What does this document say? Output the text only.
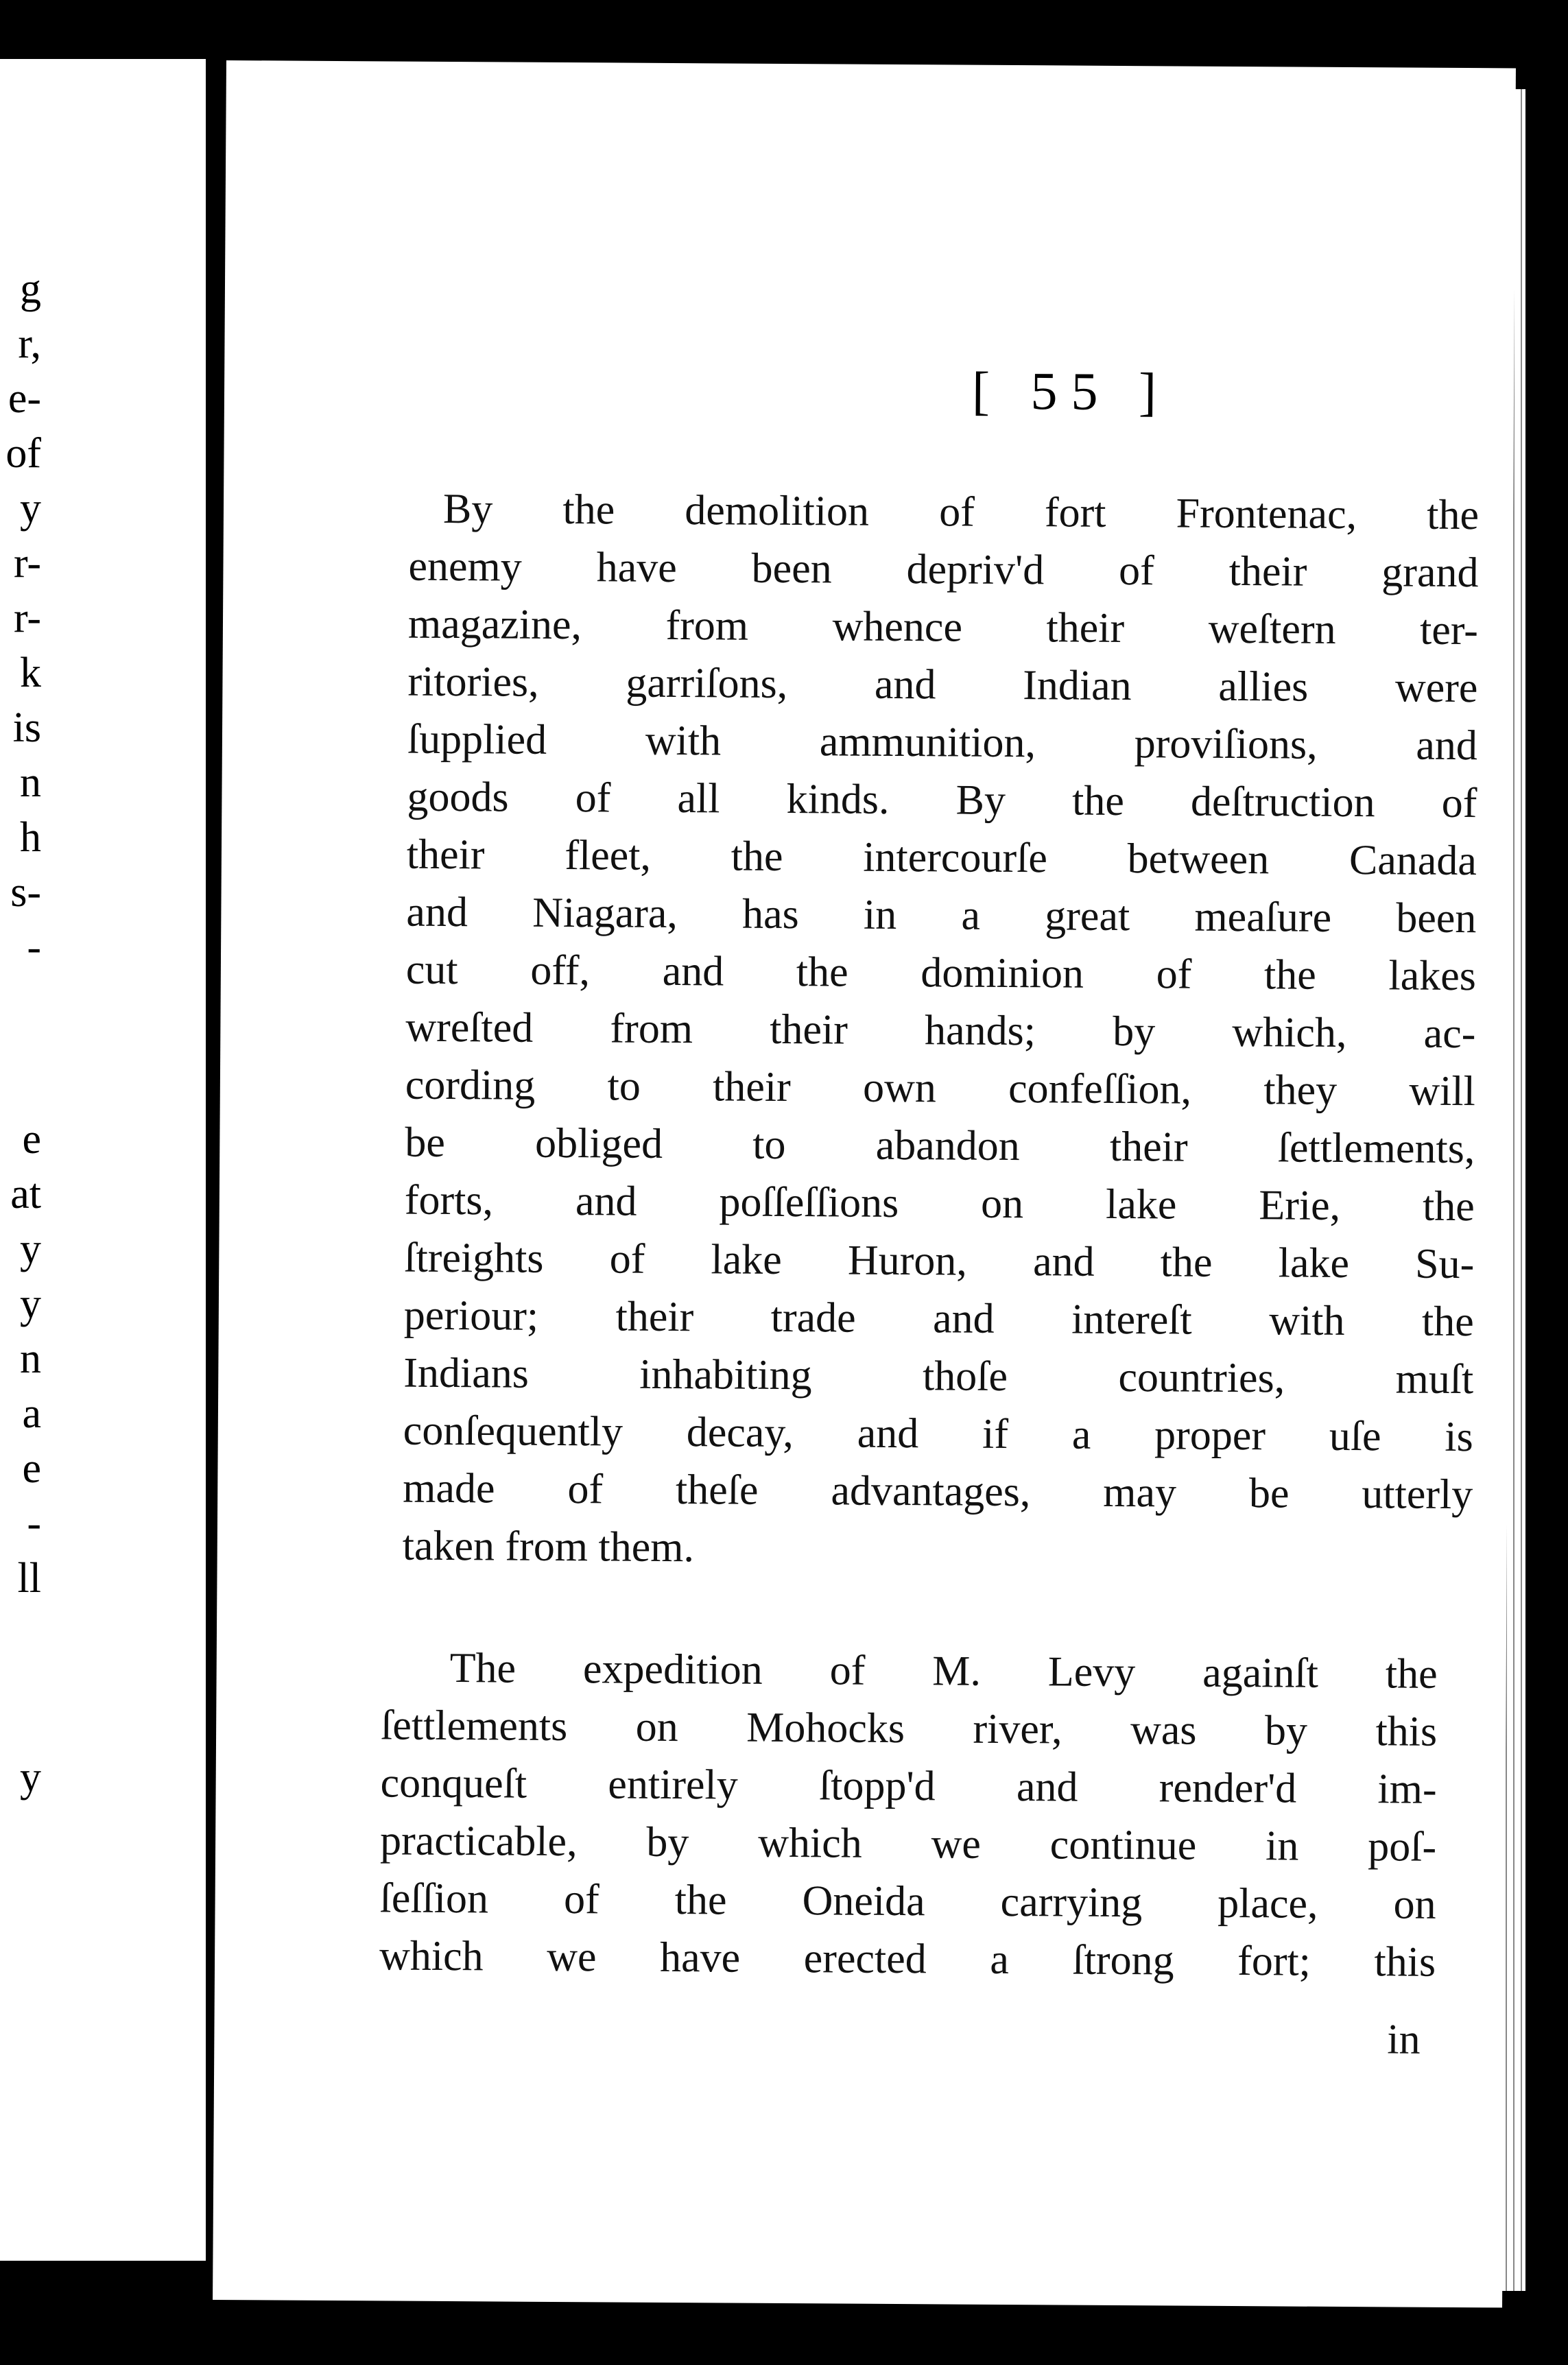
g
r,
e-
of
y
r-
r-
k
is
n
h
s-
-
e
at
y
y
n
a
e
-
ll
y
[ 55 ]
By the demolition of fort Frontenac, the
enemy have been depriv'd of their grand
magazine, from whence their weſtern ter-
ritories, garriſons, and Indian allies were
ſupplied with ammunition, proviſions, and
goods of all kinds. By the deſtruction of
their fleet, the intercourſe between Canada
and Niagara, has in a great meaſure been
cut off, and the dominion of the lakes
wreſted from their hands; by which, ac-
cording to their own confeſſion, they will
be obliged to abandon their ſettlements,
forts, and poſſeſſions on lake Erie, the
ſtreights of lake Huron, and the lake Su-
periour; their trade and intereſt with the
Indians inhabiting thoſe countries, muſt
conſequently decay, and if a proper uſe is
made of theſe advantages, may be utterly
taken from them.
The expedition of M. Levy againſt the
ſettlements on Mohocks river, was by this
conqueſt entirely ſtopp'd and render'd im-
practicable, by which we continue in poſ-
ſeſſion of the Oneida carrying place, on
which we have erected a ſtrong fort; this
in
